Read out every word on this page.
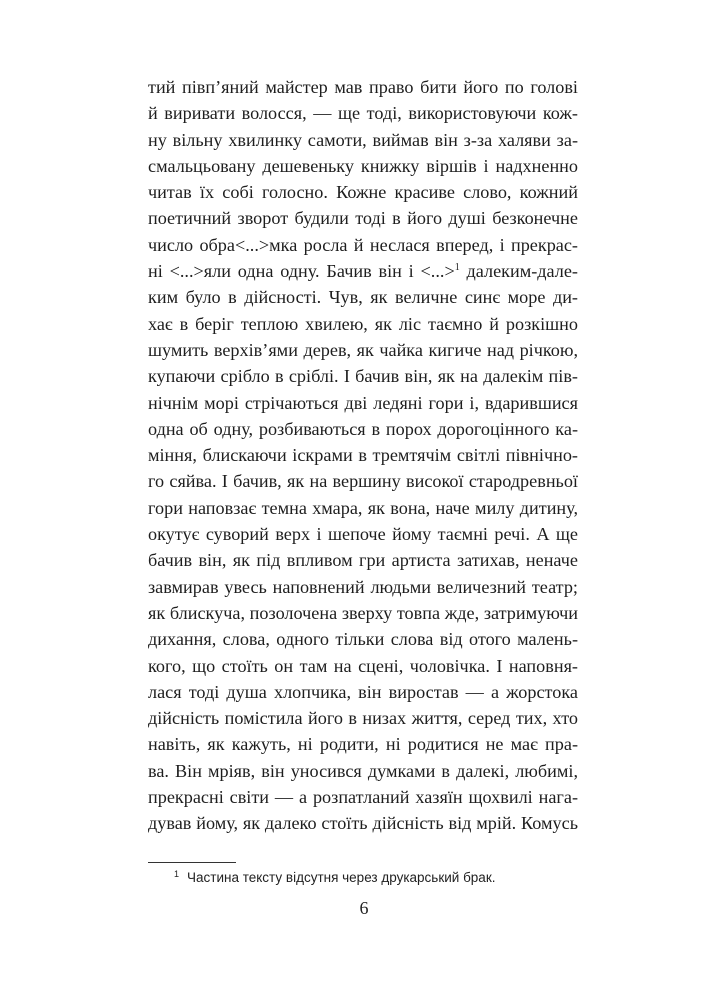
тий півп’яний майстер мав право бити його по голові
й виривати волосся, — ще тоді, використовуючи кож-
ну вільну хвилинку самоти, виймав він з-за халяви за-
смальцьовану дешевеньку книжку віршів і надхненно
читав їх собі голосно. Кожне красиве слово, кожний
поетичний зворот будили тоді в його душі безконечне
число обра<...>мка росла й неслася вперед, і прекрас-
ні <...>яли одна одну. Бачив він і <...>$^1$ далеким-дале-
ким було в дійсності. Чув, як величне синє море ди-
хає в беріг теплою хвилею, як ліс таємно й розкішно
шумить верхів’ями дерев, як чайка кигиче над річкою,
купаючи срібло в сріблі. І бачив він, як на далекім пів-
нічнім морі стрічаються дві ледяні гори і, вдарившися
одна об одну, розбиваються в порох дорогоцінного ка-
міння, блискаючи іскрами в тремтячім світлі північно-
го сяйва. І бачив, як на вершину високої стародревньої
гори наповзає темна хмара, як вона, наче милу дитину,
окутує суворий верх і шепоче йому таємні речі. А ще
бачив він, як під впливом гри артиста затихав, неначе
завмирав увесь наповнений людьми величезний театр;
як блискуча, позолочена зверху товпа жде, затримуючи
дихання, слова, одного тільки слова від отого малень-
кого, що стоїть он там на сцені, чоловічка. І наповня-
лася тоді душа хлопчика, він виростав — а жорстока
дійсність помістила його в низах життя, серед тих, хто
навіть, як кажуть, ні родити, ні родитися не має пра-
ва. Він мріяв, він уносився думками в далекі, любимі,
прекрасні світи — а розпатланий хазяїн щохвилі нага-
дував йому, як далеко стоїть дійсність від мрій. Комусь
$^1$ Частина тексту відсутня через друкарський брак.
6
